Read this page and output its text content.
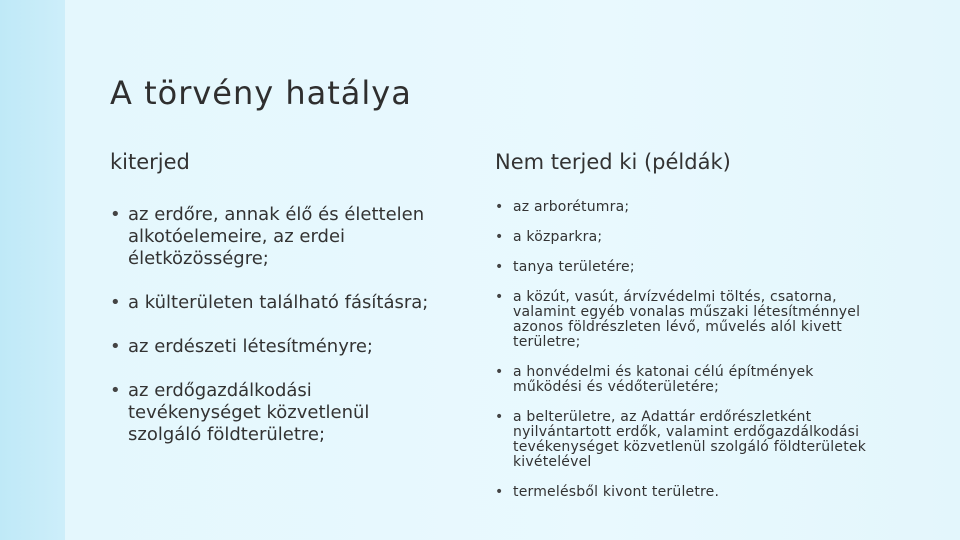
A törvény hatálya
kiterjed
• az erdőre, annak élő és élettelen alkotóelemeire, az erdei életközösségre;
• a külterületen található fásításra;
• az erdészeti létesítményre;
• az erdőgazdálkodási tevékenységet közvetlenül szolgáló földterületre;
Nem terjed ki (példák)
• az arborétumra;
• a közparkra;
• tanya területére;
• a közút, vasút, árvízvédelmi töltés, csatorna, valamint egyéb vonalas műszaki létesítménnyel azonos földrészleten lévő, művelés alól kivett területre;
• a honvédelmi és katonai célú építmények működési és védőterületére;
• a belterületre, az Adattár erdőrészletként nyilvántartott erdők, valamint erdőgazdálkodási tevékenységet közvetlenül szolgáló földterületek kivételével
• termelésből kivont területre.
